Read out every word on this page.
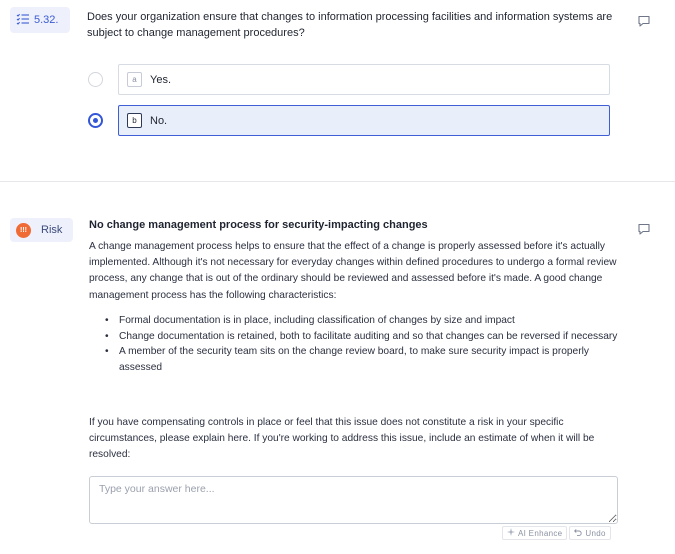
5.32.	Does your organization ensure that changes to information processing facilities and information systems are subject to change management procedures?
a	Yes.
b	No.
!!!	Risk No change management process for security-impacting changes
A change management process helps to ensure that the effect of a change is properly assessed before it's actually implemented. Although it's not necessary for everyday changes within defined procedures to undergo a formal review process, any change that is out of the ordinary should be reviewed and assessed before it's made. A good change management process has the following characteristics:
• Formal documentation is in place, including classification of changes by size and impact
• Change documentation is retained, both to facilitate auditing and so that changes can be reversed if necessary
• A member of the security team sits on the change review board, to make sure security impact is properly assessed
If you have compensating controls in place or feel that this issue does not constitute a risk in your specific circumstances, please explain here. If you're working to address this issue, include an estimate of when it will be resolved:
Type your answer here...
AI Enhance	Undo
